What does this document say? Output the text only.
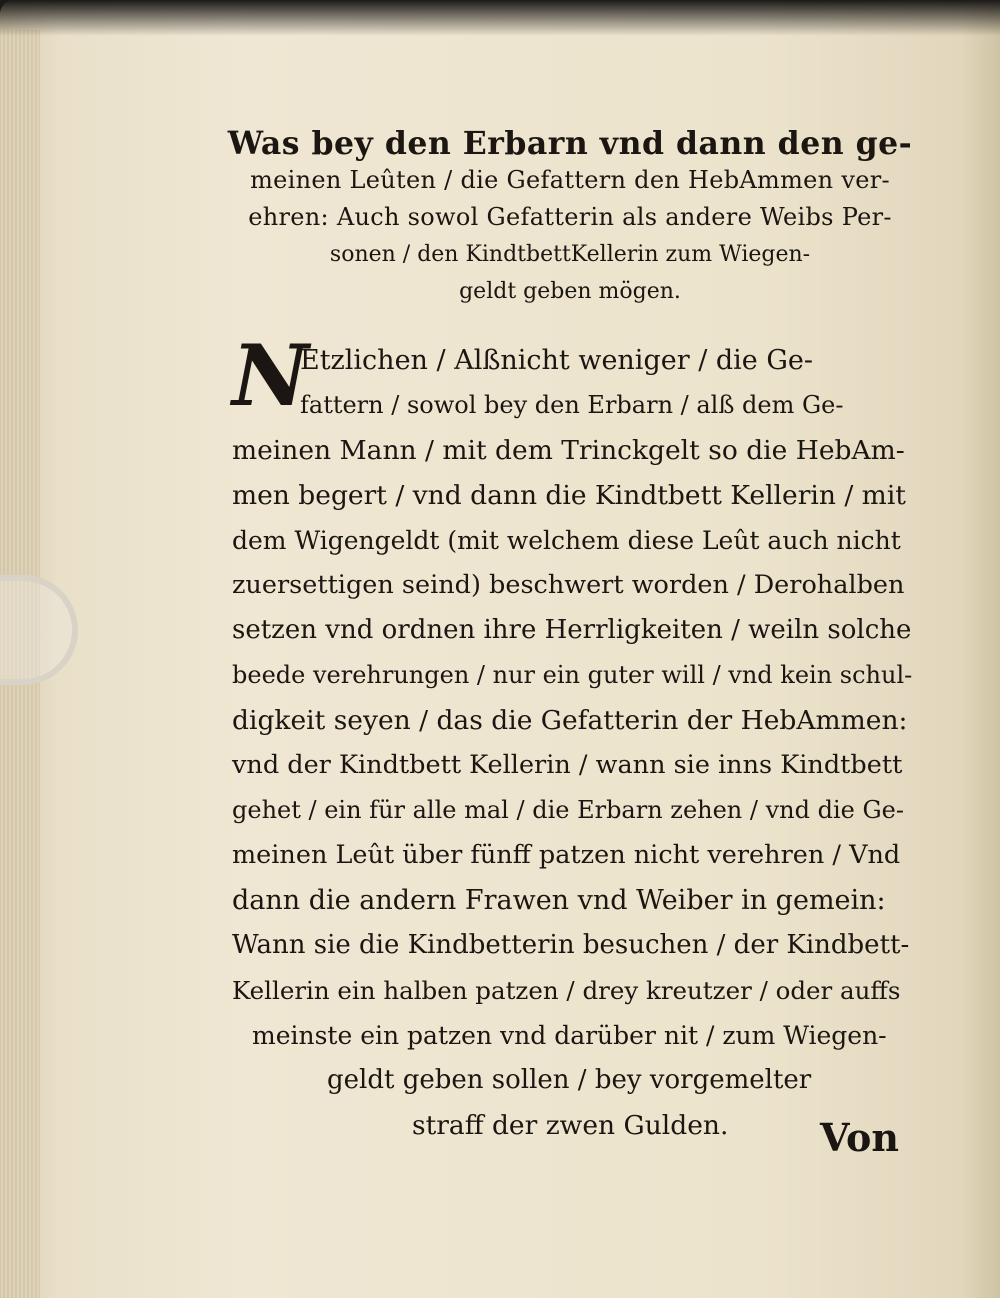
Was bey den Erbarn vnd dann den ge-
meinen Leûten / die Gefattern den HebAmmen ver-
ehren: Auch sowol Gefatterin als andere Weibs Per-
sonen / den KindtbettKellerin zum Wiegen-
geldt geben mögen.
N
Etzlichen / Alßnicht weniger / die Ge-
fattern / sowol bey den Erbarn / alß dem Ge-
meinen Mann / mit dem Trinckgelt so die HebAm-
men begert / vnd dann die Kindtbett Kellerin / mit
dem Wigengeldt (mit welchem diese Leût auch nicht
zuersettigen seind) beschwert worden / Derohalben
setzen vnd ordnen ihre Herrligkeiten / weiln solche
beede verehrungen / nur ein guter will / vnd kein schul-
digkeit seyen / das die Gefatterin der HebAmmen:
vnd der Kindtbett Kellerin / wann sie inns Kindtbett
gehet / ein für alle mal / die Erbarn zehen / vnd die Ge-
meinen Leût über fünff patzen nicht verehren / Vnd
dann die andern Frawen vnd Weiber in gemein:
Wann sie die Kindbetterin besuchen / der Kindbett-
Kellerin ein halben patzen / drey kreutzer / oder auffs
meinste ein patzen vnd darüber nit / zum Wiegen-
geldt geben sollen / bey vorgemelter
straff der zwen Gulden.	Von
